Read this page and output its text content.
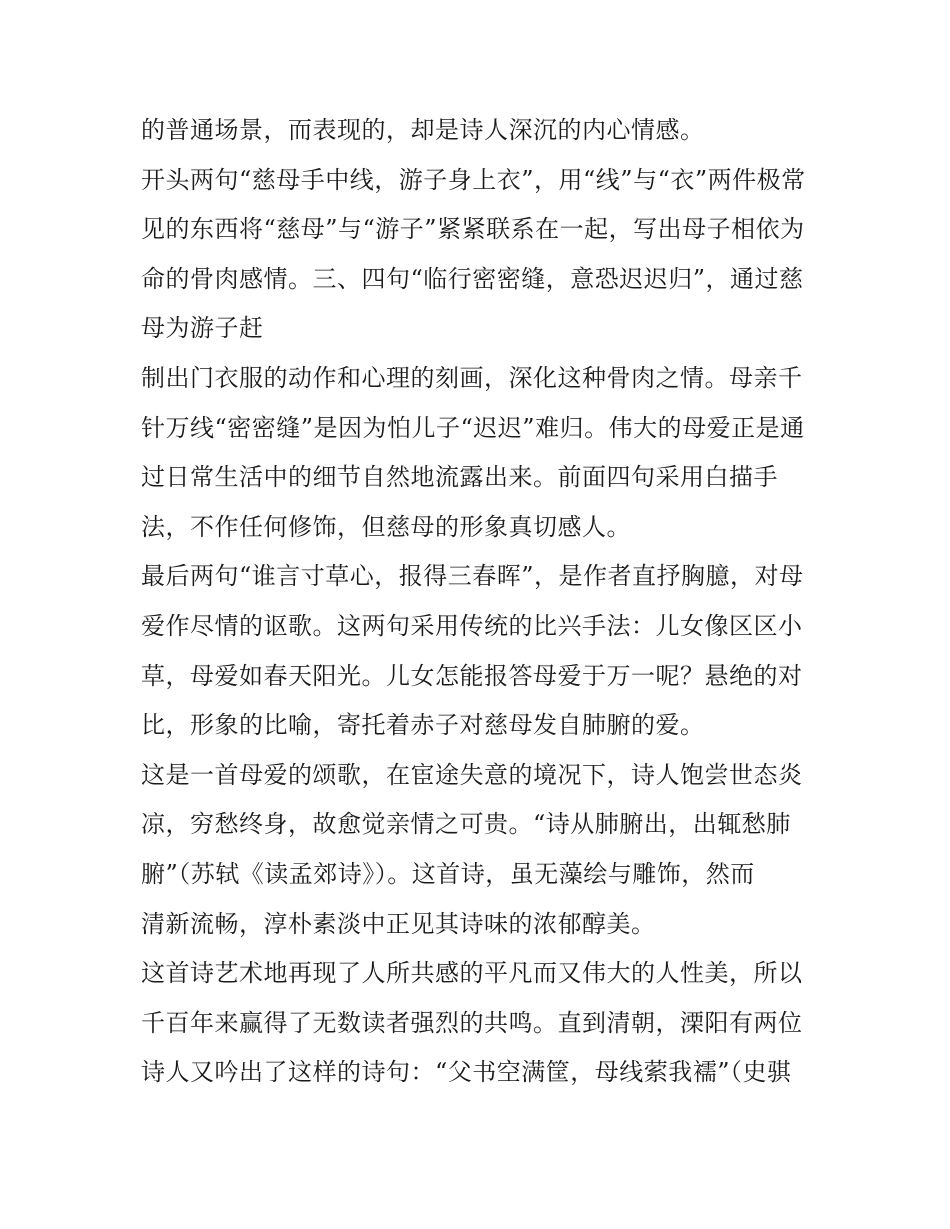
的普通场景，而表现的，却是诗人深沉的内心情感。
开头两句“慈母手中线，游子身上衣”，用“线”与“衣”两件极常
见的东西将“慈母”与“游子”紧紧联系在一起，写出母子相依为
命的骨肉感情。三、四句“临行密密缝，意恐迟迟归”，通过慈
母为游子赶
制出门衣服的动作和心理的刻画，深化这种骨肉之情。母亲千
针万线“密密缝”是因为怕儿子“迟迟”难归。伟大的母爱正是通
过日常生活中的细节自然地流露出来。前面四句采用白描手
法，不作任何修饰，但慈母的形象真切感人。
最后两句“谁言寸草心，报得三春晖”，是作者直抒胸臆，对母
爱作尽情的讴歌。这两句采用传统的比兴手法：儿女像区区小
草，母爱如春天阳光。儿女怎能报答母爱于万一呢？悬绝的对
比，形象的比喻，寄托着赤子对慈母发自肺腑的爱。
这是一首母爱的颂歌，在宦途失意的境况下，诗人饱尝世态炎
凉，穷愁终身，故愈觉亲情之可贵。“诗从肺腑出，出辄愁肺
腑”（苏轼《读孟郊诗》）。这首诗，虽无藻绘与雕饰，然而
清新流畅，淳朴素淡中正见其诗味的浓郁醇美。
这首诗艺术地再现了人所共感的平凡而又伟大的人性美，所以
千百年来赢得了无数读者强烈的共鸣。直到清朝，溧阳有两位
诗人又吟出了这样的诗句：“父书空满筐，母线萦我襦”（史骐
